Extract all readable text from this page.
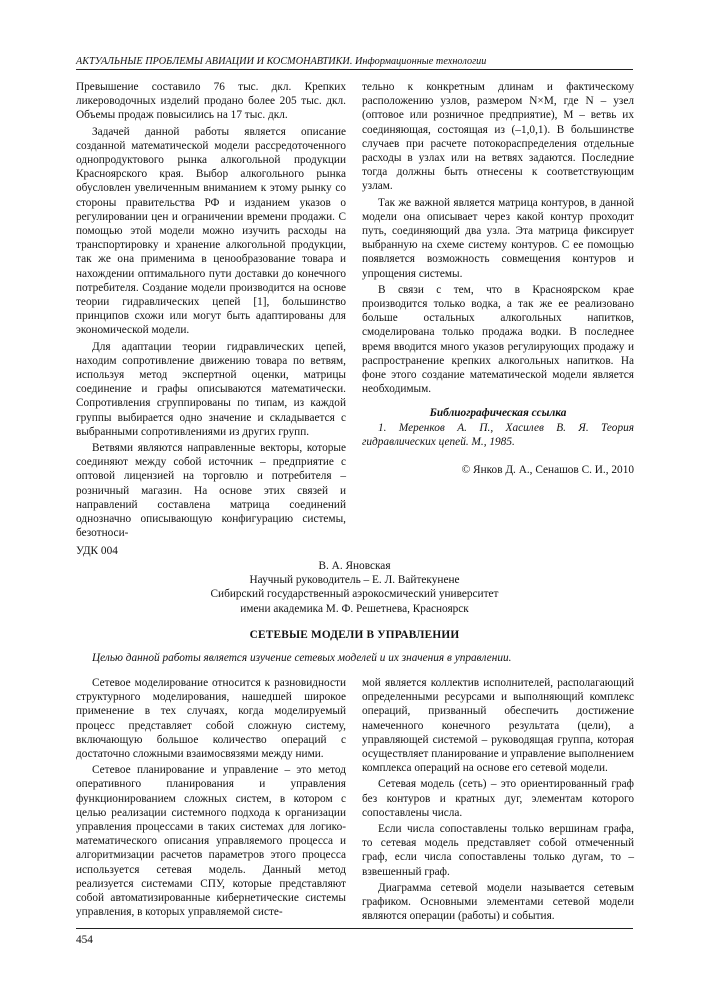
АКТУАЛЬНЫЕ ПРОБЛЕМЫ АВИАЦИИ И КОСМОНАВТИКИ. Информационные технологии

Превышение составило 76 тыс. дкл. Крепких ликероводочных изделий продано более 205 тыс. дкл. Объемы продаж повысились на 17 тыс. дкл.

Задачей данной работы является описание созданной математической модели рассредоточенного однопродуктового рынка алкогольной продукции Красноярского края. Выбор алкогольного рынка обусловлен увеличенным вниманием к этому рынку со стороны правительства РФ и изданием указов о регулировании цен и ограничении времени продажи. С помощью этой модели можно изучить расходы на транспортировку и хранение алкогольной продукции, так же она применима в ценообразование товара и нахождении оптимального пути доставки до конечного потребителя. Создание модели производится на основе теории гидравлических цепей [1], большинство принципов схожи или могут быть адаптированы для экономической модели.

Для адаптации теории гидравлических цепей, находим сопротивление движению товара по ветвям, используя метод экспертной оценки, матрицы соединение и графы описываются математически. Сопротивления сгруппированы по типам, из каждой группы выбирается одно значение и складывается с выбранными сопротивлениями из других групп.

Ветвями являются направленные векторы, которые соединяют между собой источник – предприятие с оптовой лицензией на торговлю и потребителя – розничный магазин. На основе этих связей и направлений составлена матрица соединений однозначно описывающую конфигурацию системы, безотноси-

тельно к конкретным длинам и фактическому расположению узлов, размером N×M, где N – узел (оптовое или розничное предприятие), M – ветвь их соединяющая, состоящая из (–1,0,1). В большинстве случаев при расчете потокораспределения отдельные расходы в узлах или на ветвях задаются. Последние тогда должны быть отнесены к соответствующим узлам.

Так же важной является матрица контуров, в данной модели она описывает через какой контур проходит путь, соединяющий два узла. Эта матрица фиксирует выбранную на схеме систему контуров. С ее помощью появляется возможность совмещения контуров и упрощения системы.

В связи с тем, что в Красноярском крае производится только водка, а так же ее реализовано больше остальных алкогольных напитков, смоделирована только продажа водки. В последнее время вводится много указов регулирующих продажу и распространение крепких алкогольных напитков. На фоне этого создание математической модели является необходимым.

Библиографическая ссылка

1. Меренков А. П., Хасилев В. Я. Теория гидравлических цепей. М., 1985.

© Янков Д. А., Сенашов С. И., 2010

УДК 004
В. А. Яновская
Научный руководитель – Е. Л. Вайтекунене
Сибирский государственный аэрокосмический университет
имени академика М. Ф. Решетнева, Красноярск
СЕТЕВЫЕ МОДЕЛИ В УПРАВЛЕНИИ
Целью данной работы является изучение сетевых моделей и их значения в управлении.

Сетевое моделирование относится к разновидности структурного моделирования, нашедшей широкое применение в тех случаях, когда моделируемый процесс представляет собой сложную систему, включающую большое количество операций с достаточно сложными взаимосвязями между ними.

Сетевое планирование и управление – это метод оперативного планирования и управления функционированием сложных систем, в котором с целью реализации системного подхода к организации управления процессами в таких системах для логико-математического описания управляемого процесса и алгоритмизации расчетов параметров этого процесса используется сетевая модель. Данный метод реализуется системами СПУ, которые представляют собой автоматизированные кибернетические системы управления, в которых управляемой систе-

мой является коллектив исполнителей, располагающий определенными ресурсами и выполняющий комплекс операций, призванный обеспечить достижение намеченного конечного результата (цели), а управляющей системой – руководящая группа, которая осуществляет планирование и управление выполнением комплекса операций на основе его сетевой модели.

Сетевая модель (сеть) – это ориентированный граф без контуров и кратных дуг, элементам которого сопоставлены числа.

Если числа сопоставлены только вершинам графа, то сетевая модель представляет собой отмеченный граф, если числа сопоставлены только дугам, то – взвешенный граф.

Диаграмма сетевой модели называется сетевым графиком. Основными элементами сетевой модели являются операции (работы) и события.

454
